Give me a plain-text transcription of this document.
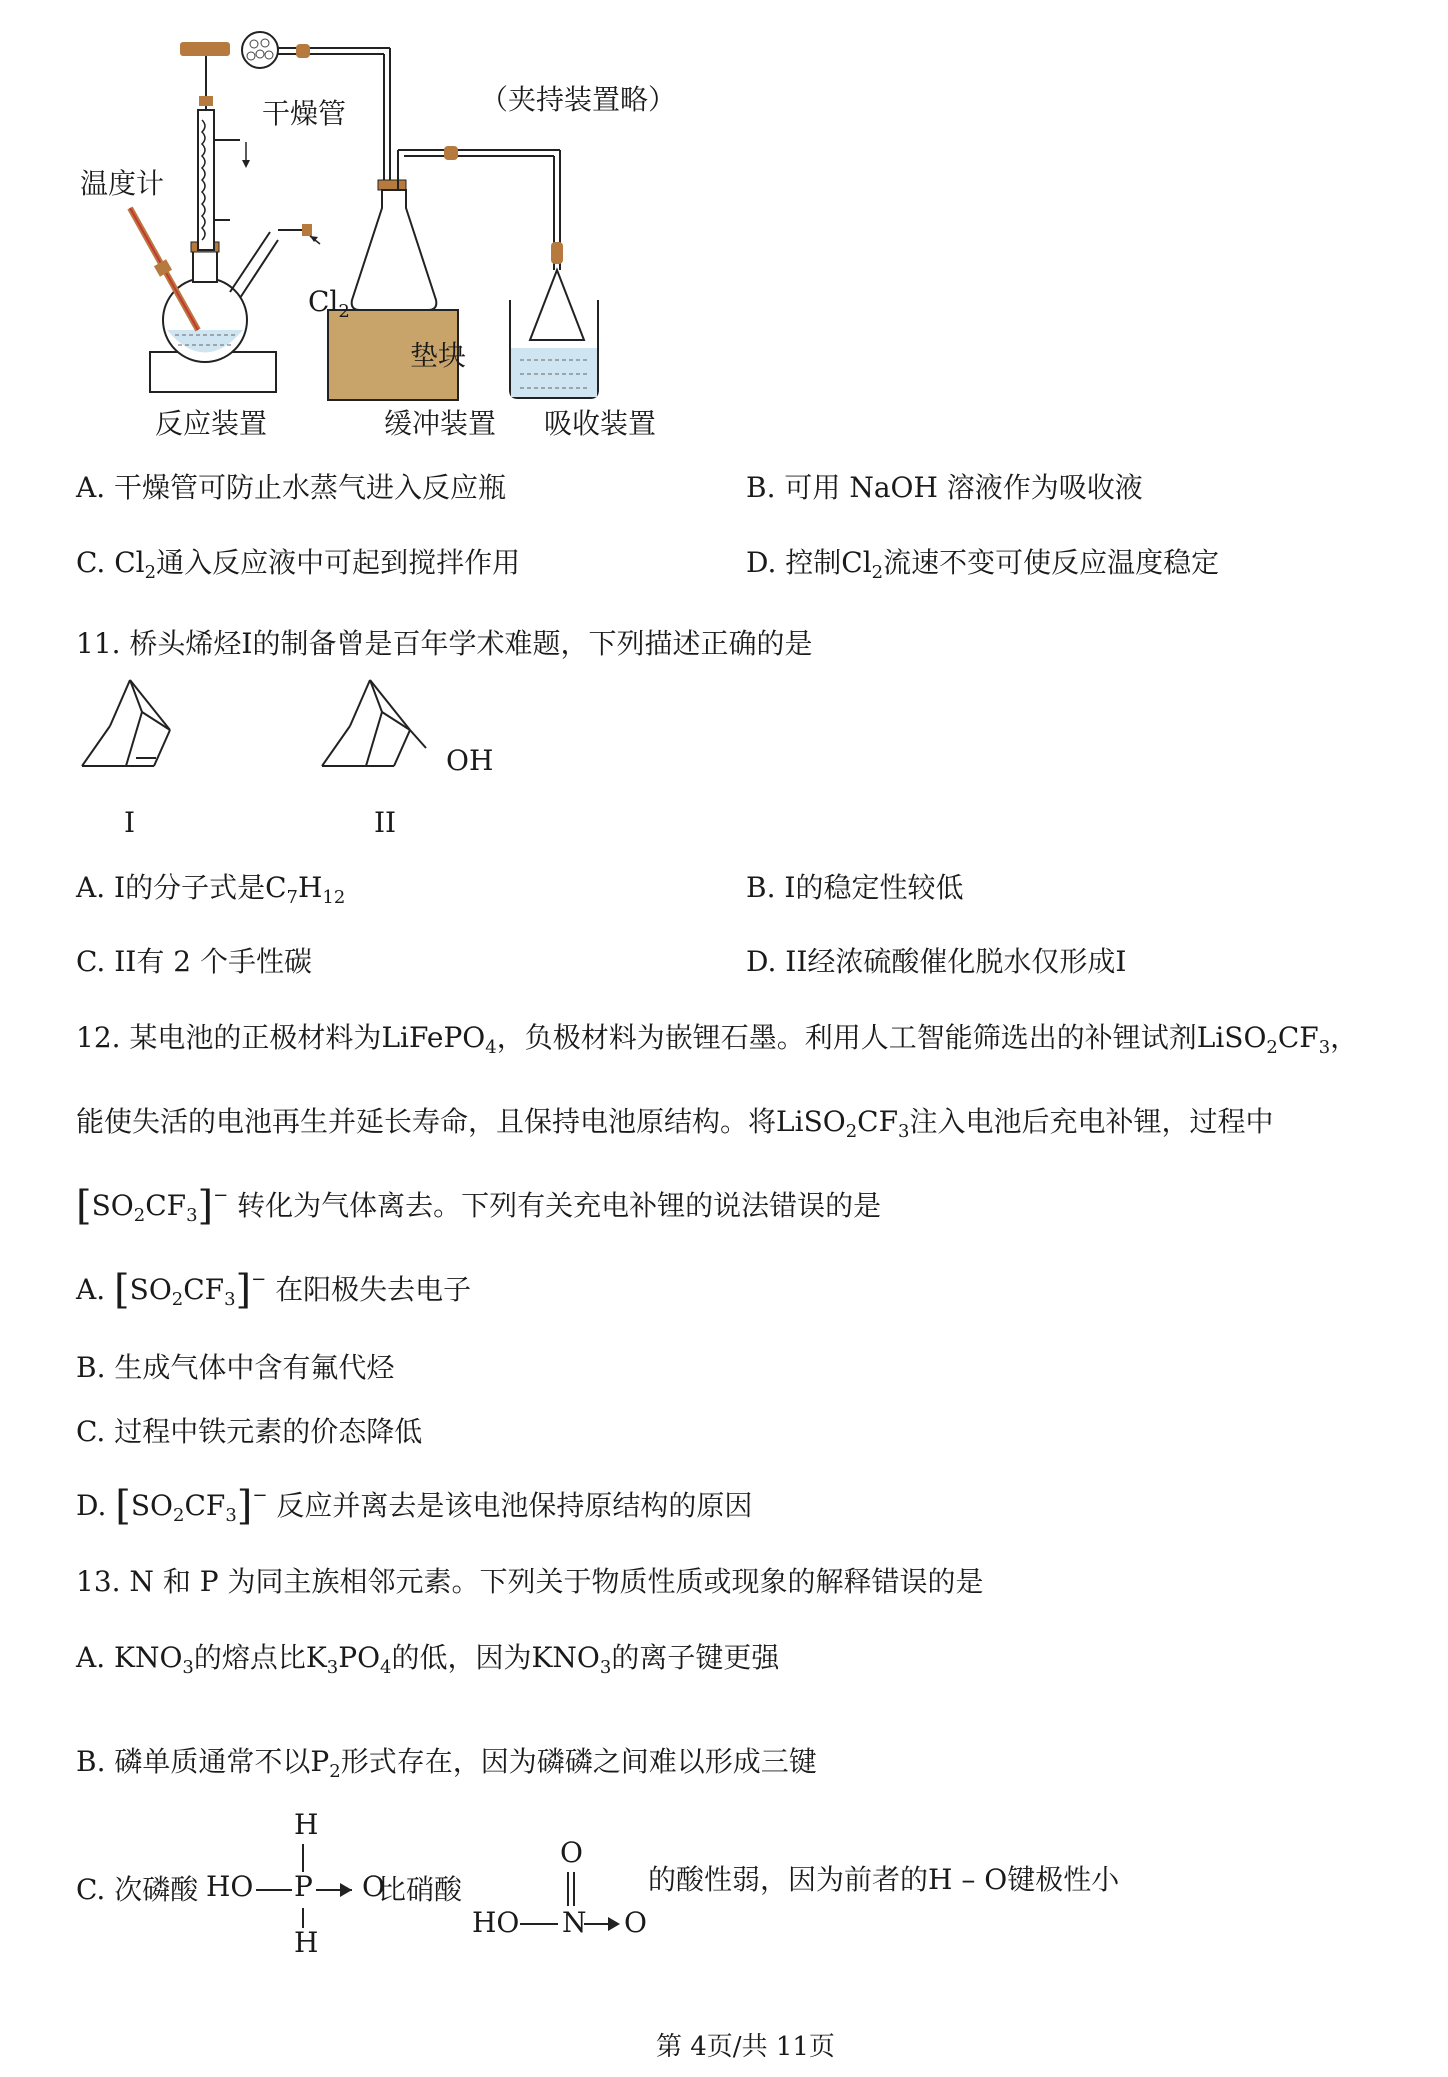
（夹持装置略）
干燥管
温度计
$Cl_2$
垫块
反应装置	缓冲装置 吸收装置
A. 干燥管可防止水蒸气进入反应瓶	B. 可用 NaOH 溶液作为吸收液
C. $Cl_2$通入反应液中可起到搅拌作用	D. 控制$Cl_2$流速不变可使反应温度稳定
11. 桥头烯烃I的制备曾是百年学术难题，下列描述正确的是
I
OH
II
A. I的分子式是$C_7H_{12}$	B. I的稳定性较低
C. II有 2 个手性碳	D. II经浓硫酸催化脱水仅形成I
12. 某电池的正极材料为LiFePO$_4$，负极材料为嵌锂石墨。利用人工智能筛选出的补锂试剂$LiSO_2CF_3$，
能使失活的电池再生并延长寿命，且保持电池原结构。将$LiSO_2CF_3$注入电池后充电补锂，过程中
$[SO_2CF_3]^-$ 转化为气体离去。下列有关充电补锂的说法错误的是
A. $[SO_2CF_3]^-$ 在阳极失去电子
B. 生成气体中含有氟代烃
C. 过程中铁元素的价态降低
D. $[SO_2CF_3]^-$ 反应并离去是该电池保持原结构的原因
13. N 和 P 为同主族相邻元素。下列关于物质性质或现象的解释错误的是
A. $KNO_3$的熔点比$K_3PO_4$的低，因为$KNO_3$的离子键更强
B. 磷单质通常不以$P_2$形式存在，因为磷磷之间难以形成三键
C. 次磷酸
H
HO P O
H
比硝酸
O
HO N O
的酸性弱，因为前者的H – O键极性小
第 4页/共 11页
